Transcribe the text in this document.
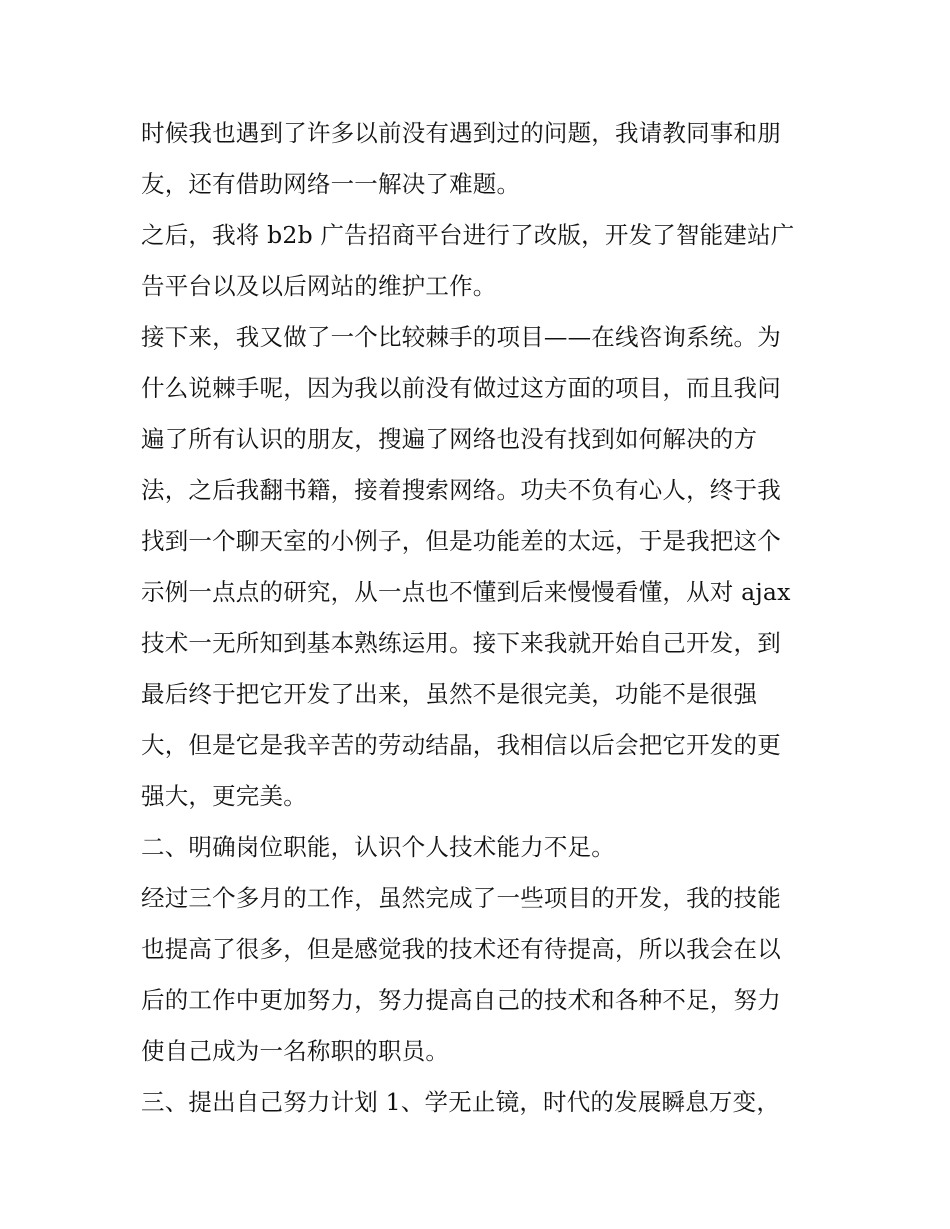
时候我也遇到了许多以前没有遇到过的问题，我请教同事和朋
友，还有借助网络一一解决了难题。
之后，我将 b2b 广告招商平台进行了改版，开发了智能建站广
告平台以及以后网站的维护工作。
接下来，我又做了一个比较棘手的项目——在线咨询系统。为
什么说棘手呢，因为我以前没有做过这方面的项目，而且我问
遍了所有认识的朋友，搜遍了网络也没有找到如何解决的方
法，之后我翻书籍，接着搜索网络。功夫不负有心人，终于我
找到一个聊天室的小例子，但是功能差的太远，于是我把这个
示例一点点的研究，从一点也不懂到后来慢慢看懂，从对 ajax
技术一无所知到基本熟练运用。接下来我就开始自己开发，到
最后终于把它开发了出来，虽然不是很完美，功能不是很强
大，但是它是我辛苦的劳动结晶，我相信以后会把它开发的更
强大，更完美。
二、明确岗位职能，认识个人技术能力不足。
经过三个多月的工作，虽然完成了一些项目的开发，我的技能
也提高了很多，但是感觉我的技术还有待提高，所以我会在以
后的工作中更加努力，努力提高自己的技术和各种不足，努力
使自己成为一名称职的职员。
三、提出自己努力计划 1、学无止镜，时代的发展瞬息万变，
